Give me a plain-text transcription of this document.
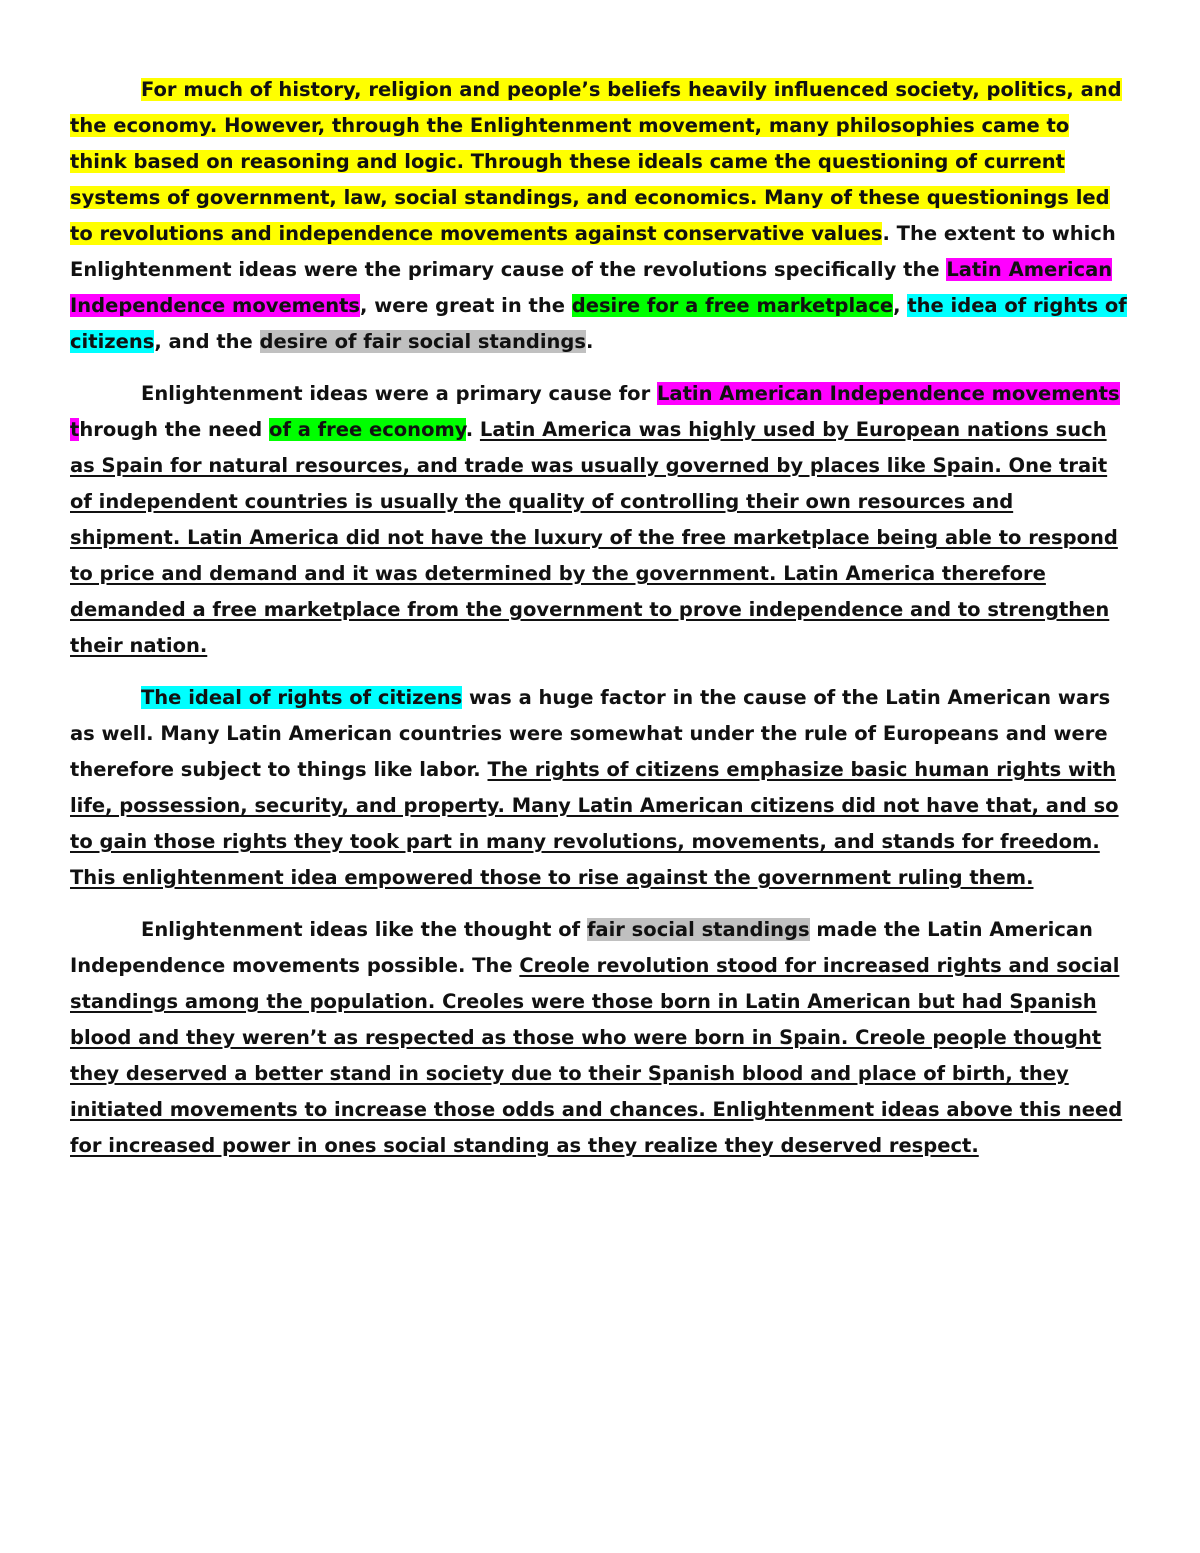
For much of history, religion and people’s beliefs heavily influenced society, politics, and the economy. However, through the Enlightenment movement, many philosophies came to think based on reasoning and logic. Through these ideals came the questioning of current systems of government, law, social standings, and economics. Many of these questionings led to revolutions and independence movements against conservative values. The extent to which Enlightenment ideas were the primary cause of the revolutions specifically the Latin American Independence movements, were great in the desire for a free marketplace, the idea of rights of citizens, and the desire of fair social standings.

Enlightenment ideas were a primary cause for Latin American Independence movements through the need of a free economy. Latin America was highly used by European nations such as Spain for natural resources, and trade was usually governed by places like Spain. One trait of independent countries is usually the quality of controlling their own resources and shipment. Latin America did not have the luxury of the free marketplace being able to respond to price and demand and it was determined by the government. Latin America therefore demanded a free marketplace from the government to prove independence and to strengthen their nation.

The ideal of rights of citizens was a huge factor in the cause of the Latin American wars as well. Many Latin American countries were somewhat under the rule of Europeans and were therefore subject to things like labor. The rights of citizens emphasize basic human rights with life, possession, security, and property. Many Latin American citizens did not have that, and so to gain those rights they took part in many revolutions, movements, and stands for freedom. This enlightenment idea empowered those to rise against the government ruling them.

Enlightenment ideas like the thought of fair social standings made the Latin American Independence movements possible. The Creole revolution stood for increased rights and social standings among the population. Creoles were those born in Latin American but had Spanish blood and they weren’t as respected as those who were born in Spain. Creole people thought they deserved a better stand in society due to their Spanish blood and place of birth, they initiated movements to increase those odds and chances. Enlightenment ideas above this need for increased power in ones social standing as they realize they deserved respect.
